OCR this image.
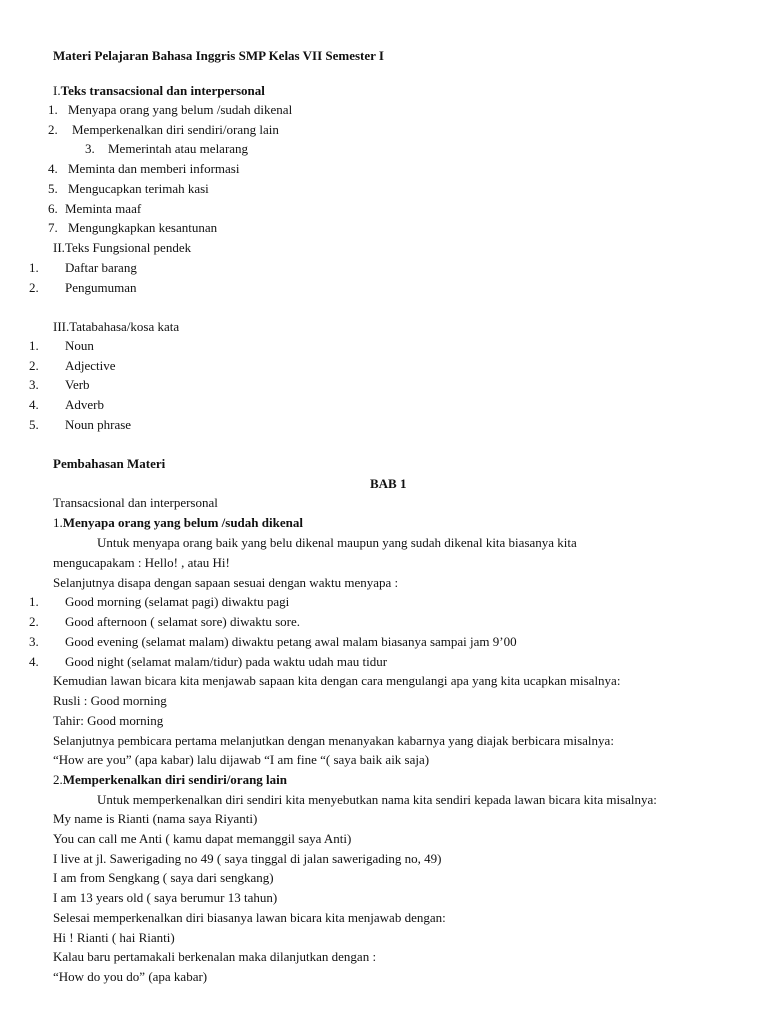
Materi Pelajaran Bahasa Inggris SMP Kelas VII Semester I
I.Teks transacsional dan interpersonal
1. Menyapa orang yang belum /sudah dikenal
2. Memperkenalkan diri sendiri/orang lain
3. Memerintah atau melarang
4. Meminta dan memberi informasi
5. Mengucapkan terimah kasi
6. Meminta maaf
7. Mengungkapkan kesantunan
II.Teks Fungsional pendek
1. Daftar barang
2. Pengumuman
III.Tatabahasa/kosa kata
1. Noun
2. Adjective
3. Verb
4. Adverb
5. Noun phrase
Pembahasan Materi
BAB 1
Transacsional dan interpersonal
1.Menyapa orang yang belum /sudah dikenal
Untuk menyapa orang baik yang belu dikenal maupun yang sudah dikenal kita biasanya kita
mengucapakam : Hello! , atau Hi!
Selanjutnya disapa dengan sapaan sesuai dengan waktu menyapa :
1. Good morning (selamat pagi) diwaktu pagi
2. Good afternoon ( selamat sore) diwaktu sore.
3. Good evening (selamat malam) diwaktu petang awal malam biasanya sampai jam 9’00
4. Good night (selamat malam/tidur) pada waktu udah mau tidur
Kemudian lawan bicara kita menjawab sapaan kita dengan cara mengulangi apa yang kita ucapkan misalnya:
Rusli : Good morning
Tahir: Good morning
Selanjutnya pembicara pertama melanjutkan dengan menanyakan kabarnya yang diajak berbicara misalnya:
“How are you” (apa kabar) lalu dijawab “I am fine “( saya baik aik saja)
2.Memperkenalkan diri sendiri/orang lain
Untuk memperkenalkan diri sendiri kita menyebutkan nama kita sendiri kepada lawan bicara kita misalnya:
My name is Rianti (nama saya Riyanti)
You can call me Anti ( kamu dapat memanggil saya Anti)
I live at jl. Sawerigading no 49 ( saya tinggal di jalan sawerigading no, 49)
I am from Sengkang ( saya dari sengkang)
I am 13 years old ( saya berumur 13 tahun)
Selesai memperkenalkan diri biasanya lawan bicara kita menjawab dengan:
Hi ! Rianti ( hai Rianti)
Kalau baru pertamakali berkenalan maka dilanjutkan dengan :
“How do you do” (apa kabar)
